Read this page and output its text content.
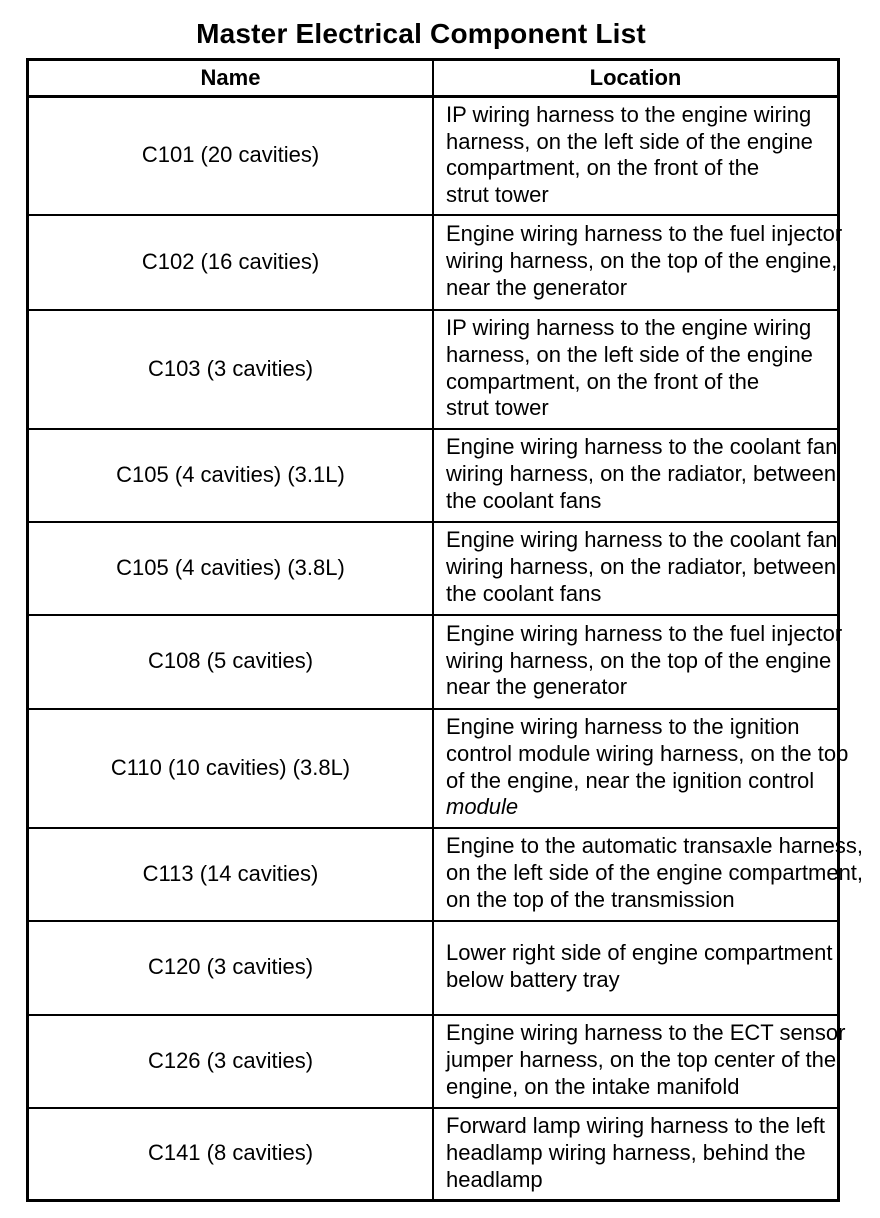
Master Electrical Component List
Name	Location
C101 (20 cavities)	IP wiring harness to the engine wiring
harness, on the left side of the engine
compartment, on the front of the
strut tower

C102 (16 cavities)	Engine wiring harness to the fuel injector
wiring harness, on the top of the engine,
near the generator

C103 (3 cavities)	IP wiring harness to the engine wiring
harness, on the left side of the engine
compartment, on the front of the
strut tower

C105 (4 cavities) (3.1L)	Engine wiring harness to the coolant fan
wiring harness, on the radiator, between
the coolant fans

C105 (4 cavities) (3.8L)	Engine wiring harness to the coolant fan
wiring harness, on the radiator, between
the coolant fans

C108 (5 cavities)	Engine wiring harness to the fuel injector
wiring harness, on the top of the engine
near the generator

C110 (10 cavities) (3.8L)	Engine wiring harness to the ignition
control module wiring harness, on the top
of the engine, near the ignition control
module

C113 (14 cavities)	Engine to the automatic transaxle harness,
on the left side of the engine compartment,
on the top of the transmission

C120 (3 cavities)	Lower right side of engine compartment
below battery tray

C126 (3 cavities)	Engine wiring harness to the ECT sensor
jumper harness, on the top center of the
engine, on the intake manifold

C141 (8 cavities)	Forward lamp wiring harness to the left
headlamp wiring harness, behind the
headlamp
